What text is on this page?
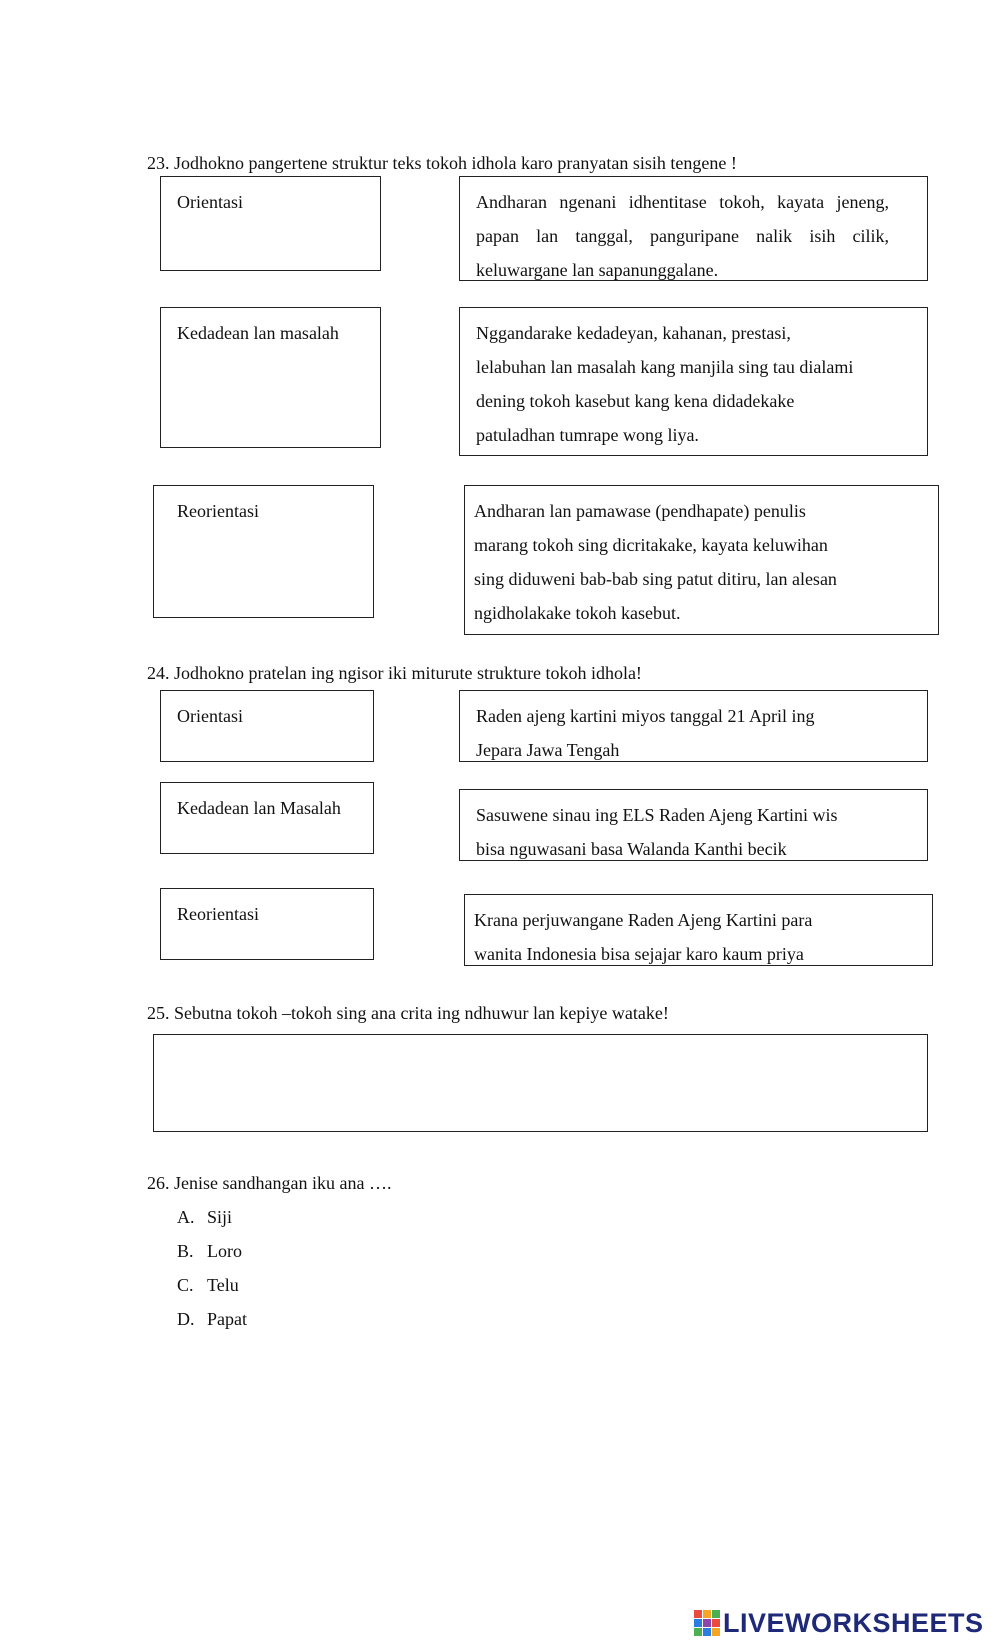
23. Jodhokno pangertene struktur teks tokoh idhola karo pranyatan sisih tengene !
Orientasi	Andharan ngenani idhentitase tokoh, kayata jeneng,
papan lan tanggal, panguripane nalik isih cilik,
keluwargane lan sapanunggalane.
Kedadean lan masalah	Nggandarake kedadeyan, kahanan, prestasi,
lelabuhan lan masalah kang manjila sing tau dialami
dening tokoh kasebut kang kena didadekake
patuladhan tumrape wong liya.
Reorientasi	Andharan lan pamawase (pendhapate) penulis
marang tokoh sing dicritakake, kayata keluwihan
sing diduweni bab-bab sing patut ditiru, lan alesan
ngidholakake tokoh kasebut.
24. Jodhokno pratelan ing ngisor iki miturute strukture tokoh idhola!
Orientasi	Raden ajeng kartini miyos tanggal 21 April ing
Jepara Jawa Tengah
Kedadean lan Masalah	Sasuwene sinau ing ELS Raden Ajeng Kartini wis
bisa nguwasani basa Walanda Kanthi becik
Reorientasi	Krana perjuwangane Raden Ajeng Kartini para
wanita Indonesia bisa sejajar karo kaum priya
25. Sebutna tokoh –tokoh sing ana crita ing ndhuwur lan kepiye watake!
26. Jenise sandhangan iku ana ….
A. Siji
B. Loro
C. Telu
D. Papat
LIVEWORKSHEETS
